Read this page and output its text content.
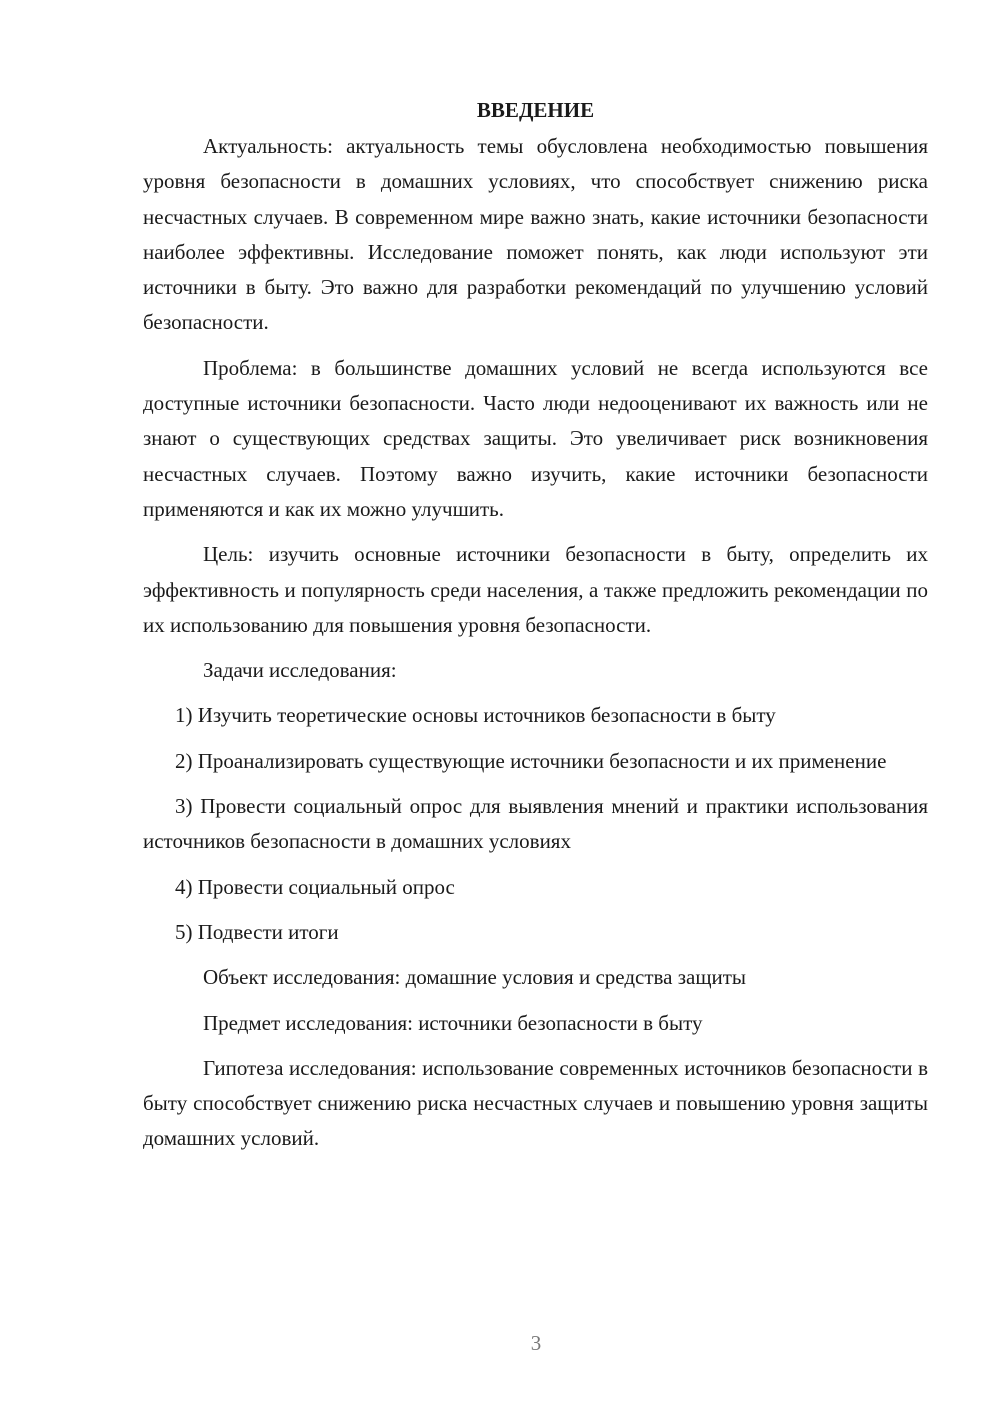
ВВЕДЕНИЕ

Актуальность: актуальность темы обусловлена необходимостью повышения уровня безопасности в домашних условиях, что способствует снижению риска несчастных случаев. В современном мире важно знать, какие источники безопасности наиболее эффективны. Исследование поможет понять, как люди используют эти источники в быту. Это важно для разработки рекомендаций по улучшению условий безопасности.

Проблема: в большинстве домашних условий не всегда используются все доступные источники безопасности. Часто люди недооценивают их важность или не знают о существующих средствах защиты. Это увеличивает риск возникновения несчастных случаев. Поэтому важно изучить, какие источники безопасности применяются и как их можно улучшить.

Цель: изучить основные источники безопасности в быту, определить их эффективность и популярность среди населения, а также предложить рекомендации по их использованию для повышения уровня безопасности.

Задачи исследования:

1) Изучить теоретические основы источников безопасности в быту

2) Проанализировать существующие источники безопасности и их применение

3) Провести социальный опрос для выявления мнений и практики использования источников безопасности в домашних условиях

4) Провести социальный опрос

5) Подвести итоги

Объект исследования: домашние условия и средства защиты

Предмет исследования: источники безопасности в быту

Гипотеза исследования: использование современных источников безопасности в быту способствует снижению риска несчастных случаев и повышению уровня защиты домашних условий.

3
